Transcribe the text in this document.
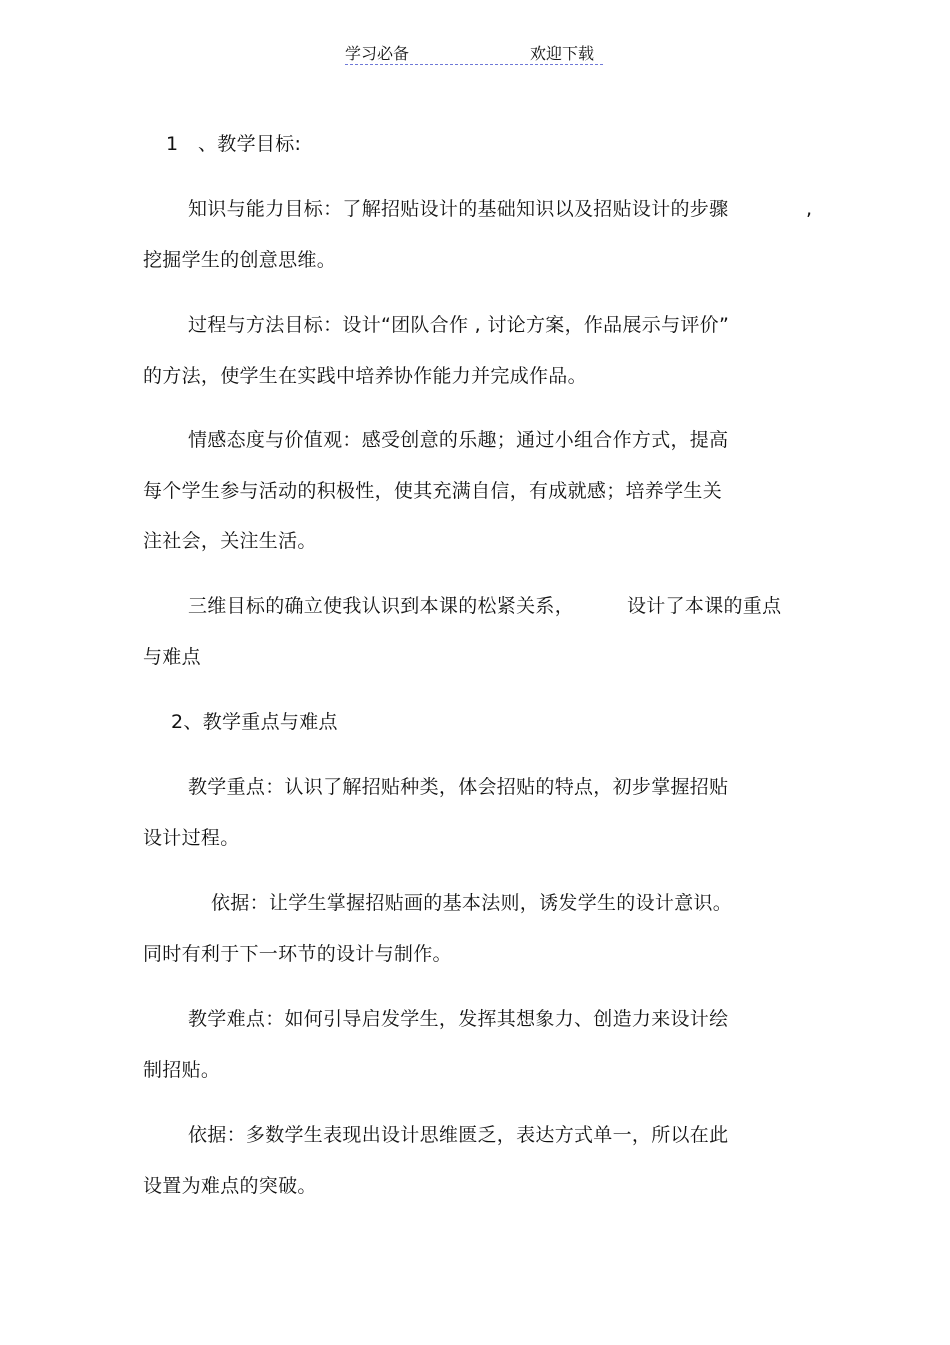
学习必备	欢迎下载
1 、教学目标:
知识与能力目标：了解招贴设计的基础知识以及招贴设计的步骤	,
挖掘学生的创意思维。
过程与方法目标：设计“团队合作 , 讨论方案，作品展示与评价”
的方法，使学生在实践中培养协作能力并完成作品。
情感态度与价值观：感受创意的乐趣；通过小组合作方式，提高
每个学生参与活动的积极性，使其充满自信，有成就感；培养学生关
注社会，关注生活。
三维目标的确立使我认识到本课的松紧关系，	设计了本课的重点
与难点
2、教学重点与难点
教学重点：认识了解招贴种类，体会招贴的特点，初步掌握招贴
设计过程。
依据：让学生掌握招贴画的基本法则，诱发学生的设计意识。
同时有利于下一环节的设计与制作。
教学难点：如何引导启发学生，发挥其想象力、创造力来设计绘
制招贴。
依据：多数学生表现出设计思维匮乏，表达方式单一，所以在此
设置为难点的突破。
